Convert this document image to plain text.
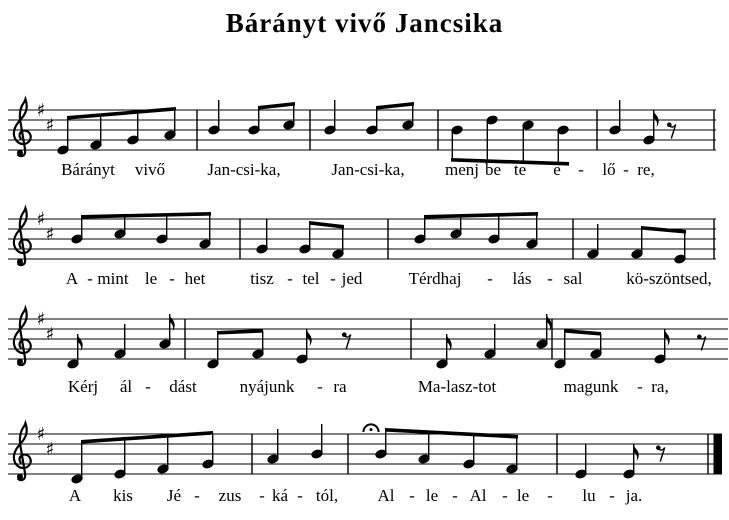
Bárányt vivő Jancsika
♯
♯
Bárányt vivő Jan-csi-ka,	Jan-csi-ka, menj be te e - lő - re,
♯
♯
A - mint le - het	tisz - tel - jed	Térdhaj - lás - sal	kö-szöntsed,
♯
♯
Kérj ál - dást	nyájunk - ra	Ma-lasz-tot	magunk - ra,
♯
♯
A kis Jé - zus - ká - tól, Al - le - Al - le - lu - ja.
